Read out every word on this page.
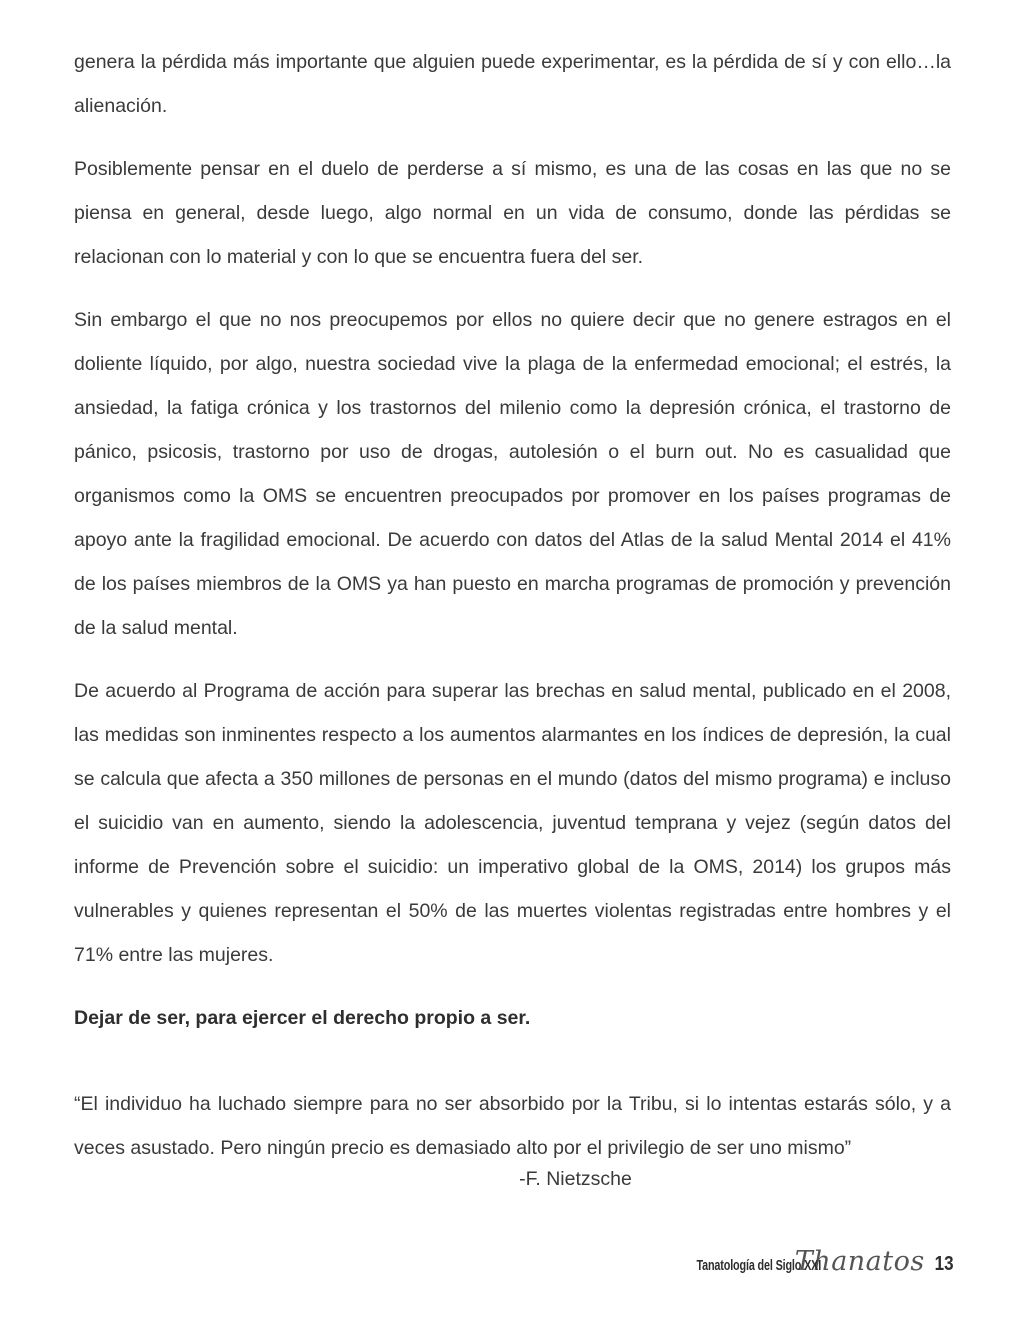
genera la pérdida más importante que alguien puede experimentar, es la pérdida de sí y con ello…la alienación.

Posiblemente pensar en el duelo de perderse a sí mismo, es una de las cosas en las que no se piensa en general, desde luego, algo normal en un vida de consumo, donde las pérdidas se relacionan con lo material y con lo que se encuentra fuera del ser.

Sin embargo el que no nos preocupemos por ellos no quiere decir que no genere estragos en el doliente líquido, por algo, nuestra sociedad vive la plaga de la enfermedad emocional; el estrés, la ansiedad, la fatiga crónica y los trastornos del milenio como la depresión crónica, el trastorno de pánico, psicosis, trastorno por uso de drogas, autolesión o el burn out. No es casualidad que organismos como la OMS se encuentren preocupados por promover en los países programas de apoyo ante la fragilidad emocional. De acuerdo con datos del Atlas de la salud Mental 2014 el 41% de los países miembros de la OMS ya han puesto en marcha programas de promoción y prevención de la salud mental.

De acuerdo al Programa de acción para superar las brechas en salud mental, publicado en el 2008, las medidas son inminentes respecto a los aumentos alarmantes en los índices de depresión, la cual se calcula que afecta a 350 millones de personas en el mundo (datos del mismo programa) e incluso el suicidio van en aumento, siendo la adolescencia, juventud temprana y vejez (según datos del informe de Prevención sobre el suicidio: un imperativo global de la OMS, 2014) los grupos más vulnerables y quienes representan el 50% de las muertes violentas registradas entre hombres y el 71% entre las mujeres.

Dejar de ser, para ejercer el derecho propio a ser.

“El individuo ha luchado siempre para no ser absorbido por la Tribu, si lo intentas estarás sólo, y a veces asustado. Pero ningún precio es demasiado alto por el privilegio de ser uno mismo”

-F. Nietzsche

Tanatología del Siglo XXI
Thanatos 13
